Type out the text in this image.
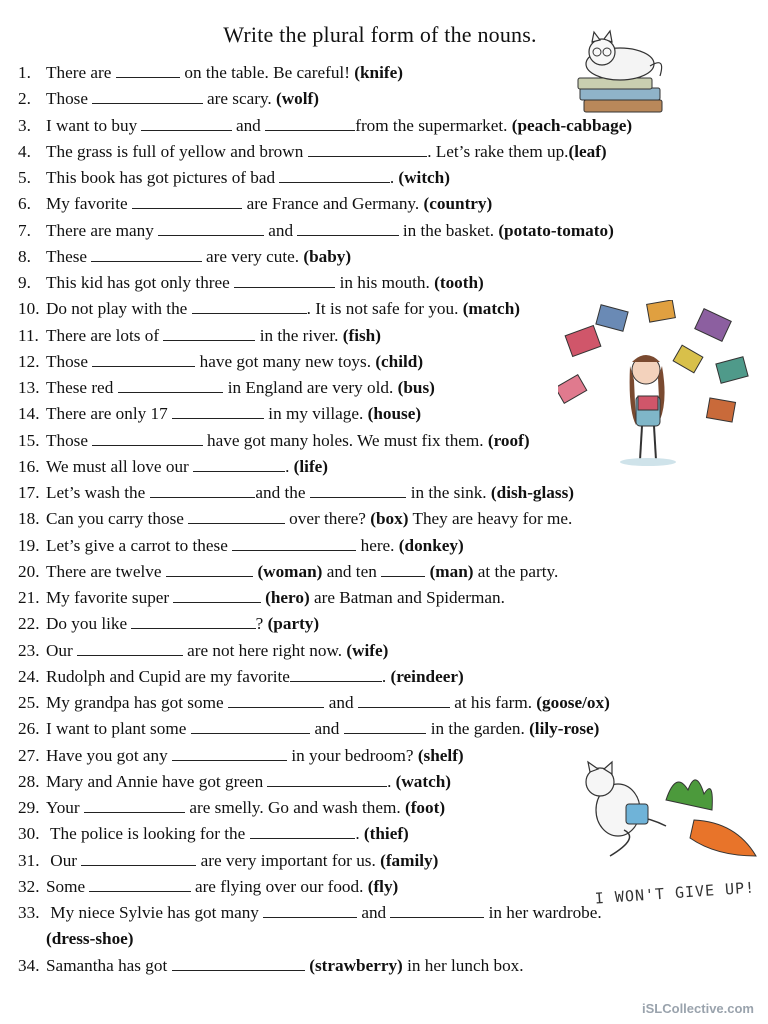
Write the plural form of the nouns.
1. There are	on the table. Be careful! (knife)
2. Those	are scary. (wolf)
3. I want to buy	and	from the supermarket. (peach-cabbage)
4. The grass is full of yellow and brown	. Let’s rake them up.(leaf)
5. This book has got pictures of bad	. (witch)
6. My favorite	are France and Germany. (country)
7. There are many	and	in the basket. (potato-tomato)
8. These	are very cute. (baby)
9. This kid has got only three	in his mouth. (tooth)
10. Do not play with the	. It is not safe for you. (match)
11. There are lots of	in the river. (fish)
12. Those	have got many new toys. (child)
13. These red	in England are very old. (bus)
14. There are only 17	in my village. (house)
15. Those	have got many holes. We must fix them. (roof)
16. We must all love our	. (life)
17. Let’s wash the	and the	in the sink. (dish-glass)
18. Can you carry those	over there? (box) They are heavy for me.
19. Let’s give a carrot to these	here. (donkey)
20. There are twelve	(woman) and ten	(man) at the party.
21. My favorite super	(hero) are Batman and Spiderman.
22. Do you like	? (party)
23. Our	are not here right now. (wife)
24. Rudolph and Cupid are my favorite	. (reindeer)
25. My grandpa has got some	and	at his farm. (goose/ox)
26. I want to plant some	and	in the garden. (lily-rose)
27. Have you got any	in your bedroom? (shelf)
28. Mary and Annie have got green	. (watch)
29. Your	are smelly. Go and wash them. (foot)
30. The police is looking for the	. (thief)
31. Our	are very important for us. (family)
32. Some	are flying over our food. (fly)
33. My niece Sylvie has got many	and	in her wardrobe.
(dress-shoe)
34. Samantha has got	(strawberry) in her lunch box.
I WON'T GIVE UP!
iSLCollective.com
